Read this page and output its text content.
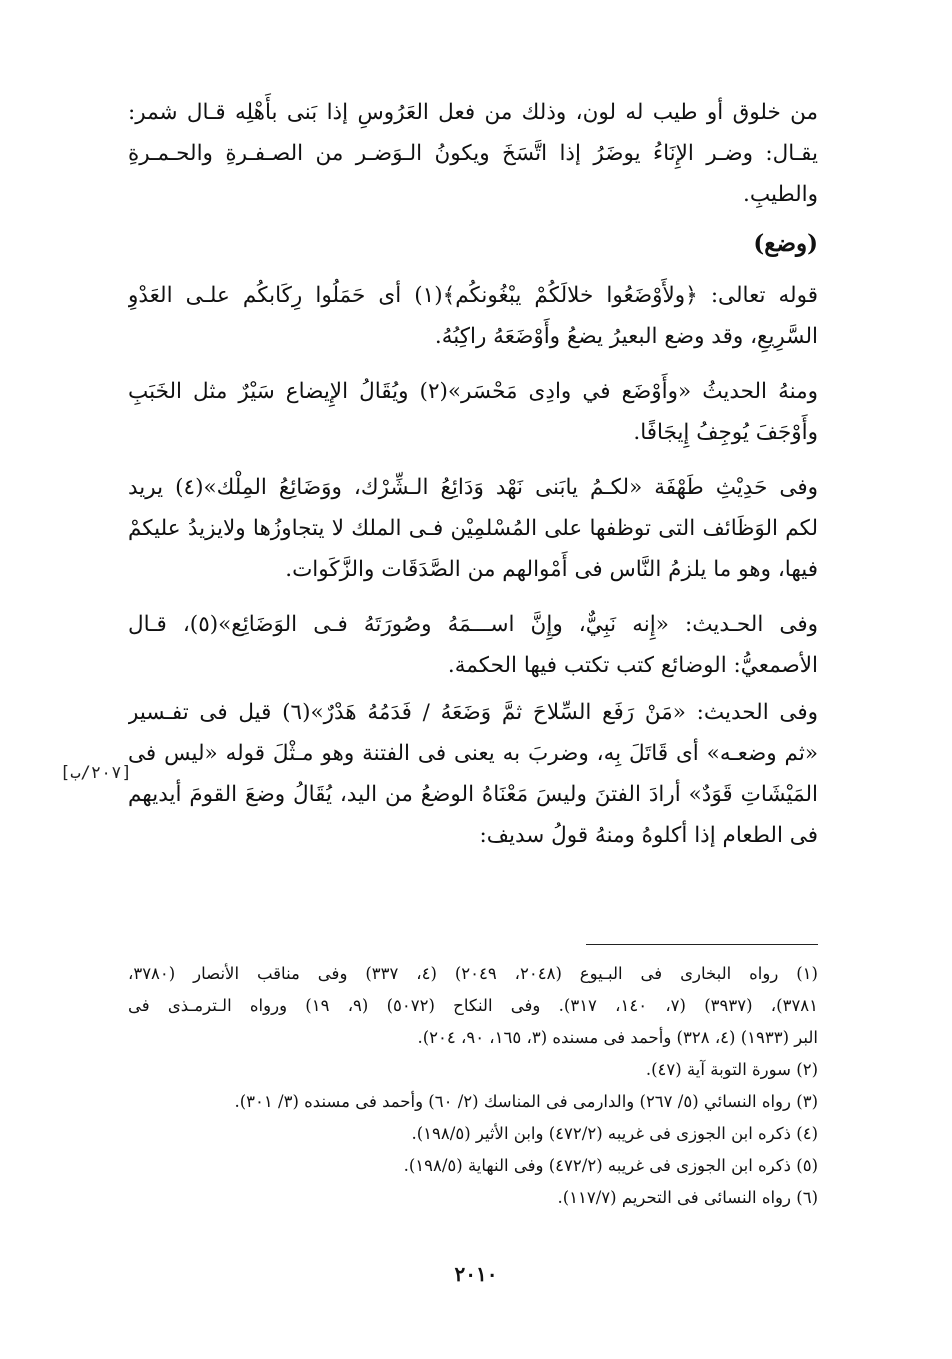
من خلوق أو طيب له لون، وذلك من فعل العَرُوسِ إذا بَنى بأَهْلِه قـال شمر:
يقـال: وضـر الإِنَاءُ يوضَرُ إذا اتَّسَخَ ويكونُ الـوَضـر من الصـفـرةِ والحـمـرةِ
والطيبِ.
(وضع)
قوله تعالى: ﴿ولأَوْضَعُوا خلالَكُمْ يبْغُونكُم﴾(١) أى حَمَلُوا رِكَابكُم علـى العَدْوِ
السَّرِيعِ، وقد وضع البعيرُ يضعُ وأَوْضَعَهُ راكِبُهُ.
ومنهُ الحديثُ «وأَوْضَع في وادِى مَحْسَر»(٢) ويُقَالُ الإِيضاع سَيْرٌ مثل الخَبَبِ
وأَوْجَفَ يُوجِفُ إِيجَافًا.
وفى حَدِيْثِ طَهْفَة «لكـمُ يابَنى نَهْد وَدَائِعُ الـشِّرْك، ووَضَائِعُ المِلْك»(٤) يريد
لكم الوَظَائف التى توظفها على المُسْلمِيْن فـى الملك لا يتجاوزُها ولايزيدُ عليكمْ
فيها، وهو ما يلزمُ النَّاس فى أَمْوالهم من الصَّدَقَات والزَّكَوات.
وفى الحـديث: «إِنه نَبِيٌّ، وإِنَّ اســـمَهُ وصُورَتَهُ فـى الوَضَائِع»(٥)، قـال
الأصمعيُّ: الوضائع كتب تكتب فيها الحكمة.
وفى الحديث: «مَنْ رَفَع السِّلاحَ ثمَّ وَضَعَهُ / فَدَمُهُ هَدْرٌ»(٦) قيل فى تفـسير
«ثم وضعـه» أى قَاتَلَ بِه، وضربَ به يعنى فى الفتنة وهو مـثْلَ قوله «ليس فى
المَيْشَاتِ قَوَدٌ» أرادَ الفتنَ وليسَ مَعْنَاهُ الوضعُ من اليد، يُقَالُ وضعَ القومَ أيديهم
فى الطعام إذا أكلوهُ ومنهُ قولُ سديف:
[٢٠٧/ب]
(١) رواه البخارى فى البـيوع (٢٠٤٨، ٢٠٤٩) (٤، ٣٣٧) وفى مناقب الأنصار (٣٧٨٠،
٣٧٨١)، (٣٩٣٧) (٧، ١٤٠، ٣١٧). وفى النكاح (٥٠٧٢) (٩، ١٩) ورواه الـترمـذى فى
البر (١٩٣٣) (٤، ٣٢٨) وأحمد فى مسنده (٣، ١٦٥، ٩٠، ٢٠٤).
(٢) سورة التوبة آية (٤٧).
(٣) رواه النسائي (٥/ ٢٦٧) والدارمى فى المناسك (٢/ ٦٠) وأحمد فى مسنده (٣/ ٣٠١).
(٤) ذكره ابن الجوزى فى غريبه (٤٧٢/٢) وابن الأثير (١٩٨/٥).
(٥) ذكره ابن الجوزى فى غريبه (٤٧٢/٢) وفى النهاية (١٩٨/٥).
(٦) رواه النسائى فى التحريم (١١٧/٧).
٢٠١٠
